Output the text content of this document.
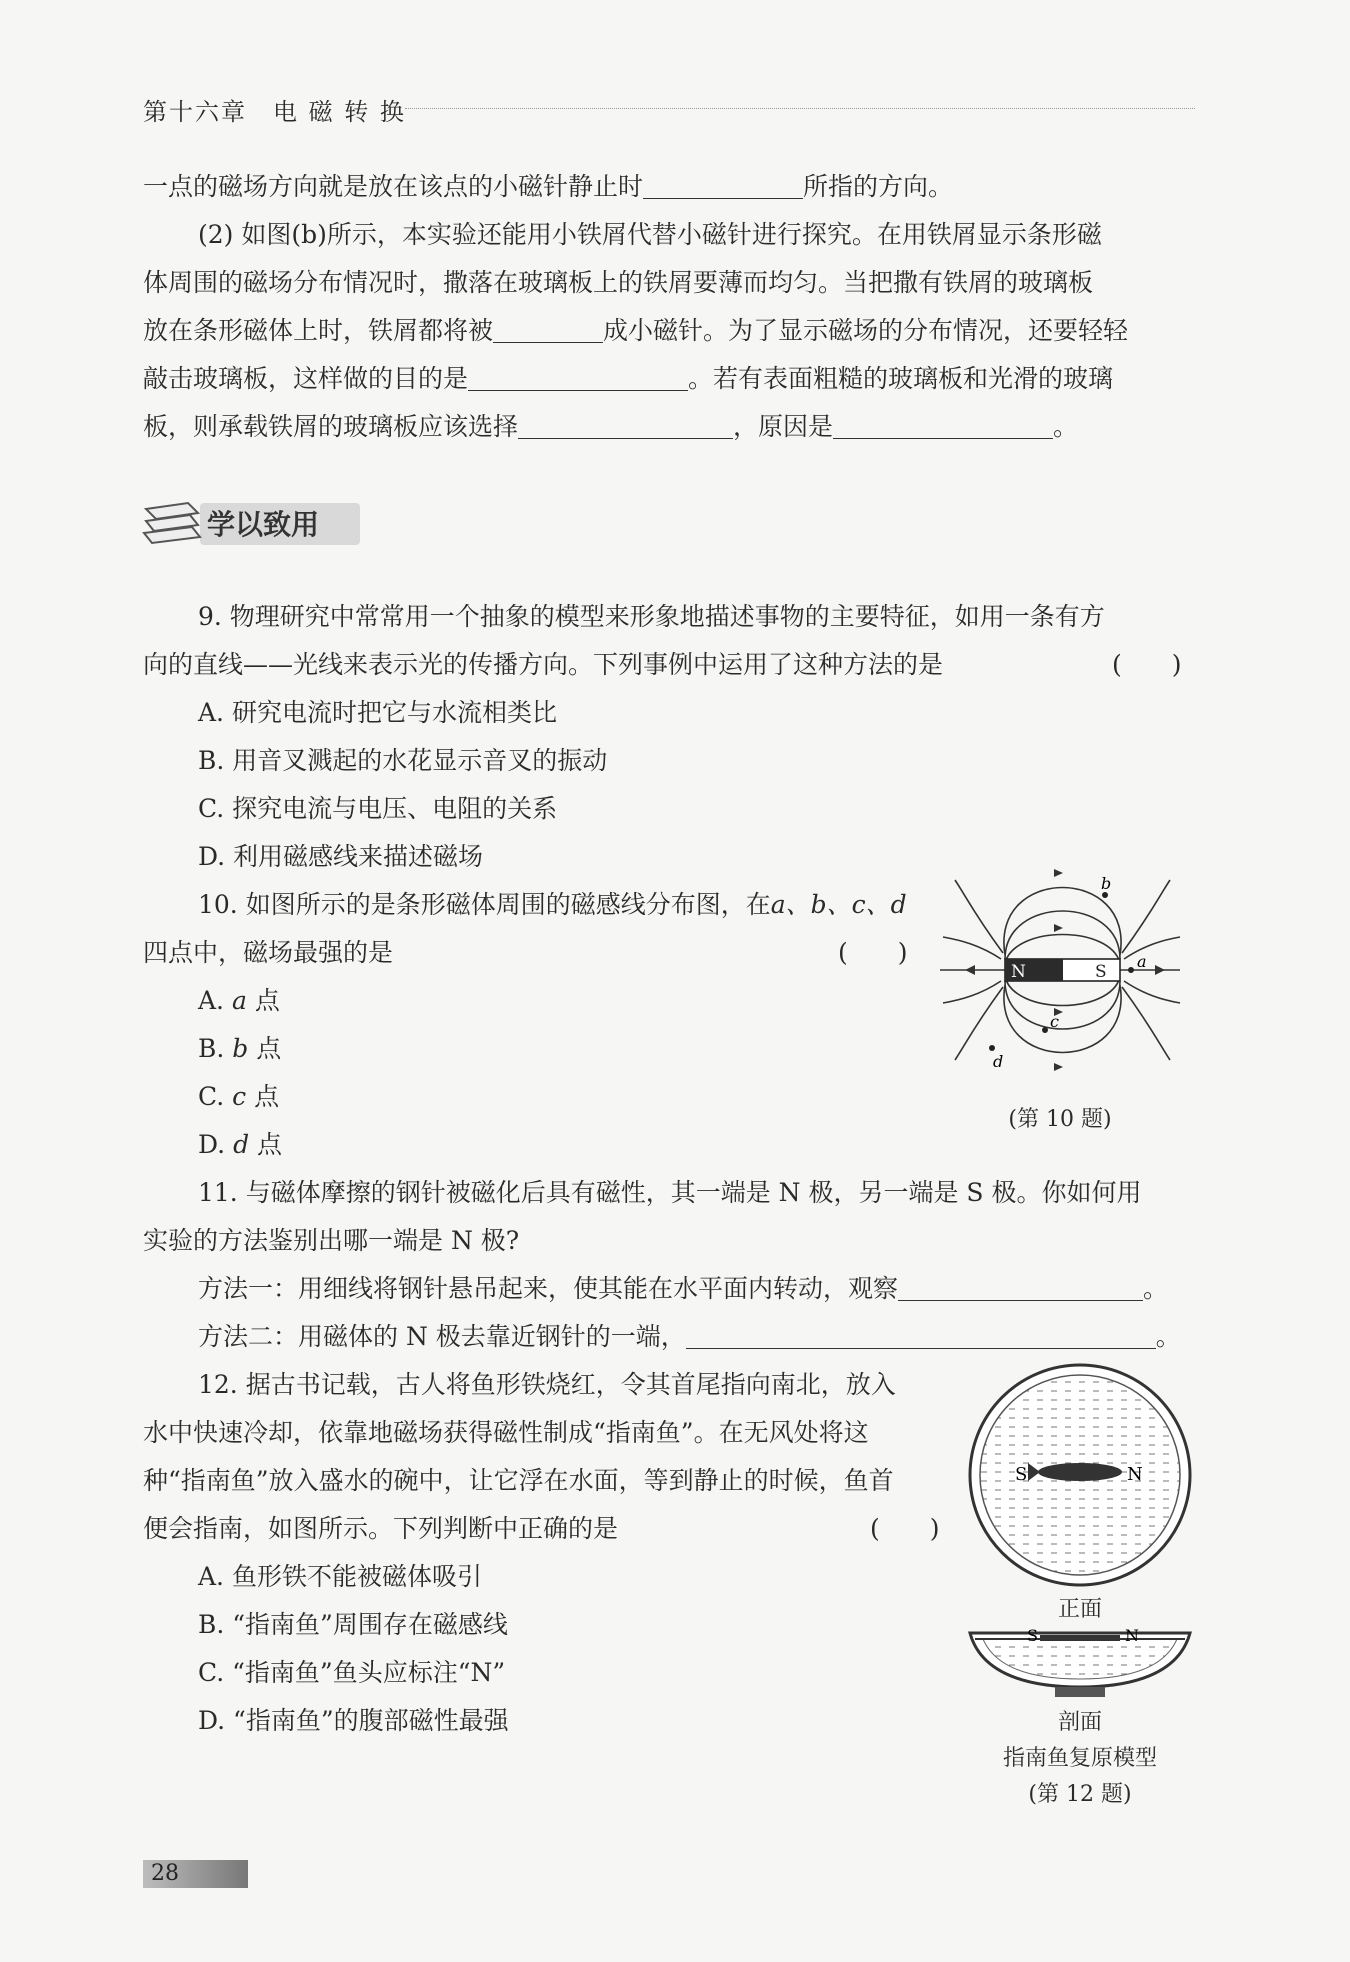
第十六章　电 磁 转 换
一点的磁场方向就是放在该点的小磁针静止时	所指的方向。
(2) 如图(b)所示，本实验还能用小铁屑代替小磁针进行探究。在用铁屑显示条形磁
体周围的磁场分布情况时，撒落在玻璃板上的铁屑要薄而均匀。当把撒有铁屑的玻璃板
放在条形磁体上时，铁屑都将被	成小磁针。为了显示磁场的分布情况，还要轻轻
敲击玻璃板，这样做的目的是	。若有表面粗糙的玻璃板和光滑的玻璃
板，则承载铁屑的玻璃板应该选择	，原因是	。
学以致用
9. 物理研究中常常用一个抽象的模型来形象地描述事物的主要特征，如用一条有方
向的直线——光线来表示光的传播方向。下列事例中运用了这种方法的是	(　　)
A. 研究电流时把它与水流相类比
B. 用音叉溅起的水花显示音叉的振动
C. 探究电流与电压、电阻的关系
D. 利用磁感线来描述磁场
10. 如图所示的是条形磁体周围的磁感线分布图，在a、b、c、d
四点中，磁场最强的是	(　　)
A. a 点
B. b 点
C. c 点
D. d 点
N	S
a
b
c
d
(第 10 题)
11. 与磁体摩擦的钢针被磁化后具有磁性，其一端是 N 极，另一端是 S 极。你如何用
实验的方法鉴别出哪一端是 N 极?
方法一：用细线将钢针悬吊起来，使其能在水平面内转动，观察	。
方法二：用磁体的 N 极去靠近钢针的一端，	。
12. 据古书记载，古人将鱼形铁烧红，令其首尾指向南北，放入
水中快速冷却，依靠地磁场获得磁性制成“指南鱼”。在无风处将这
种“指南鱼”放入盛水的碗中，让它浮在水面，等到静止的时候，鱼首
便会指南，如图所示。下列判断中正确的是	(　　)
A. 鱼形铁不能被磁体吸引
B. “指南鱼”周围存在磁感线
C. “指南鱼”鱼头应标注“N”
D. “指南鱼”的腹部磁性最强
S	N
正面
S	N
剖面
指南鱼复原模型
(第 12 题)
28
